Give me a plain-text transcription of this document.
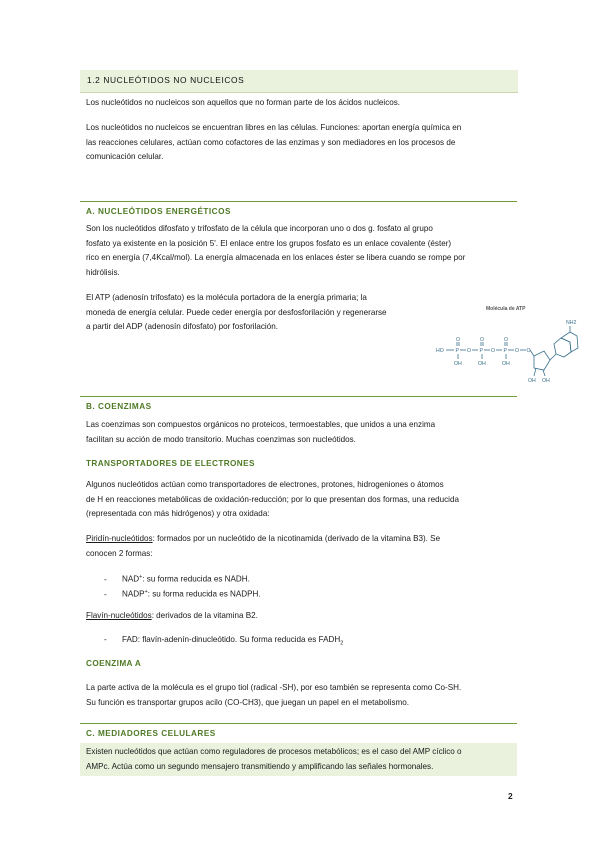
1.2 NUCLEÓTIDOS NO NUCLEICOS

Los nucleótidos no nucleicos son aquellos que no forman parte de los ácidos nucleicos.

Los nucleótidos no nucleicos se encuentran libres en las células. Funciones: aportan energía química en
las reacciones celulares, actúan como cofactores de las enzimas y son mediadores en los procesos de
comunicación celular.

A. NUCLEÓTIDOS ENERGÉTICOS

Son los nucleótidos difosfato y trifosfato de la célula que incorporan uno o dos g. fosfato al grupo
fosfato ya existente en la posición 5'. El enlace entre los grupos fosfato es un enlace covalente (éster)
rico en energía (7,4Kcal/mol). La energía almacenada en los enlaces éster se libera cuando se rompe por
hidrólisis.

El ATP (adenosín trifosfato) es la molécula portadora de la energía primaria; la
moneda de energía celular. Puede ceder energía por desfosforilación y regenerarse
a partir del ADP (adenosín difosfato) por fosforilación.

Molécula de ATP
HO P	P	P
O	O	O O
O	O	O
OH	OH	OH
OH OH
NH2
B. COENZIMAS

Las coenzimas son compuestos orgánicos no proteicos, termoestables, que unidos a una enzima
facilitan su acción de modo transitorio. Muchas coenzimas son nucleótidos.

TRANSPORTADORES DE ELECTRONES

Algunos nucleótidos actúan como transportadores de electrones, protones, hidrogeniones o átomos
de H en reacciones metabólicas de oxidación-reducción; por lo que presentan dos formas, una reducida
(representada con más hidrógenos) y otra oxidada:

Piridín-nucleótidos: formados por un nucleótido de la nicotinamida (derivado de la vitamina B3). Se
conocen 2 formas:

- NAD+: su forma reducida es NADH.
- NADP+: su forma reducida es NADPH.

Flavín-nucleótidos: derivados de la vitamina B2.

- FAD: flavín-adenín-dinucleótido. Su forma reducida es $FADH_2$
COENZIMA A

La parte activa de la molécula es el grupo tiol (radical -SH), por eso también se representa como Co-SH.
Su función es transportar grupos acilo (CO-CH3), que juegan un papel en el metabolismo.

C. MEDIADORES CELULARES

Existen nucleótidos que actúan como reguladores de procesos metabólicos; es el caso del AMP cíclico o
AMPc. Actúa como un segundo mensajero transmitiendo y amplificando las señales hormonales.

2
